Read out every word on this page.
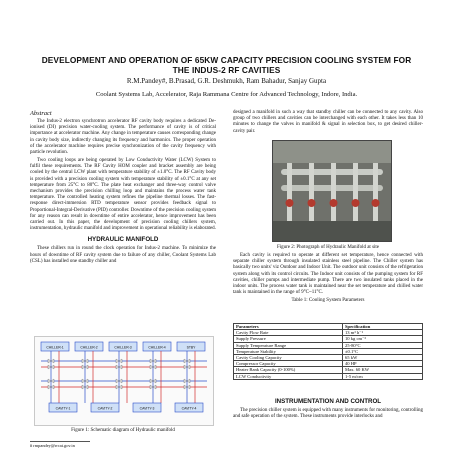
DEVELOPMENT AND OPERATION OF 65KW CAPACITY PRECISION COOLING SYSTEM FOR THE INDUS-2 RF CAVITIES
R.M.Pandey#, B.Prasad, G.R. Deshmukh, Ram Bahadur, Sanjay Gupta
Coolant Systems Lab, Accelerator, Raja Rammana Centre for Advanced Technology, Indore, India.
Abstract

The Indus-2 electron synchrotron accelerator RF cavity body requires a dedicated De-ionised (DI) precision water-cooling system. The performance of cavity is of critical importance at accelerator machine. Any change in temperature causes corresponding change in cavity body size, indirectly changing its frequency and harmonics. The proper operation of the accelerator machine requires precise synchronization of the cavity frequency with particle revolution.

Two cooling loops are being operated by Low Conductivity Water (LCW) System to fulfil these requirements. The RF Cavity HOM coupler and bracket assembly are being cooled by the central LCW plant with temperature stability of ±1.0°C. The RF Cavity body is provided with a precision cooling system with temperature stability of ±0.1°C at any set temperature from 25°C to 80°C. The plate heat exchanger and three-way control valve mechanism provides the precision chilling loop and maintains the process water tank temperature. The controlled heating system refines the pipeline thermal losses. The fast-response direct-immersion RTD temperature sensor provides feedback signal to Proportional-Integral-Derivative (PID) controller. Downtime of the precision cooling system for any reason can result in downtime of entire accelerator, hence improvement has been carried out. In this paper, the development of precision cooling chillers system, instrumentation, hydraulic manifold and improvement in operational reliability is elaborated.

HYDRAULIC MANIFOLD

These chillers run in round the clock operation for Indus-2 machine. To minimize the hours of downtime of RF cavity system due to failure of any chiller, Coolant Systems Lab (CSL) has installed one standby chiller and

CHILLER-1	CHILLER-2	CHILLER-3	CHILLER-4	STBY
CAVITY-1	CAVITY-2	CAVITY-3	CAVITY-4
Figure 1: Schematic diagram of Hydraulic manifold
# rmpandey@rrcat.gov.in

designed a manifold in such a way that standby chiller can be connected to any cavity. Also group of two chillers and cavities can be interchanged with each other. It takes less than 10 minutes to change the valves in manifold & signal in selection box, to get desired chiller-cavity pair.

Figure 2: Photograph of Hydraulic Manifold at site

Each cavity is required to operate at different set temperature, hence connected with separate chiller system through insulated stainless steel pipeline. The Chiller system has basically two units' viz Outdoor and Indoor Unit. The outdoor unit consists of the refrigeration system along with its control circuits. The Indoor unit consists of the pumping system for RF cavities, chiller pumps and intermediate pump. There are two insulated tanks placed in the indoor units. The process water tank is maintained near the set temperature and chilled water tank is maintained in the range of 9°C~11°C.

Table 1: Cooling System Parameters
Parameters	Specification
Cavity Flow Rate	13 m³ h⁻¹
Supply Pressure	10 kg cm⁻²
Supply Temperature Range	25-80°C
Temperature Stability	±0.1°C
Cavity Cooling Capacity	65 kW
Compressor Capacity	40 HP
Heater Bank Capacity (0-100%)	Max. 60 KW
LCW Conductivity	1-5 m/cm
INSTRUMENTATION AND CONTROL

The precision chiller system is equipped with many instruments for monitoring, controlling and safe operation of the system. These instruments provide interlocks and
